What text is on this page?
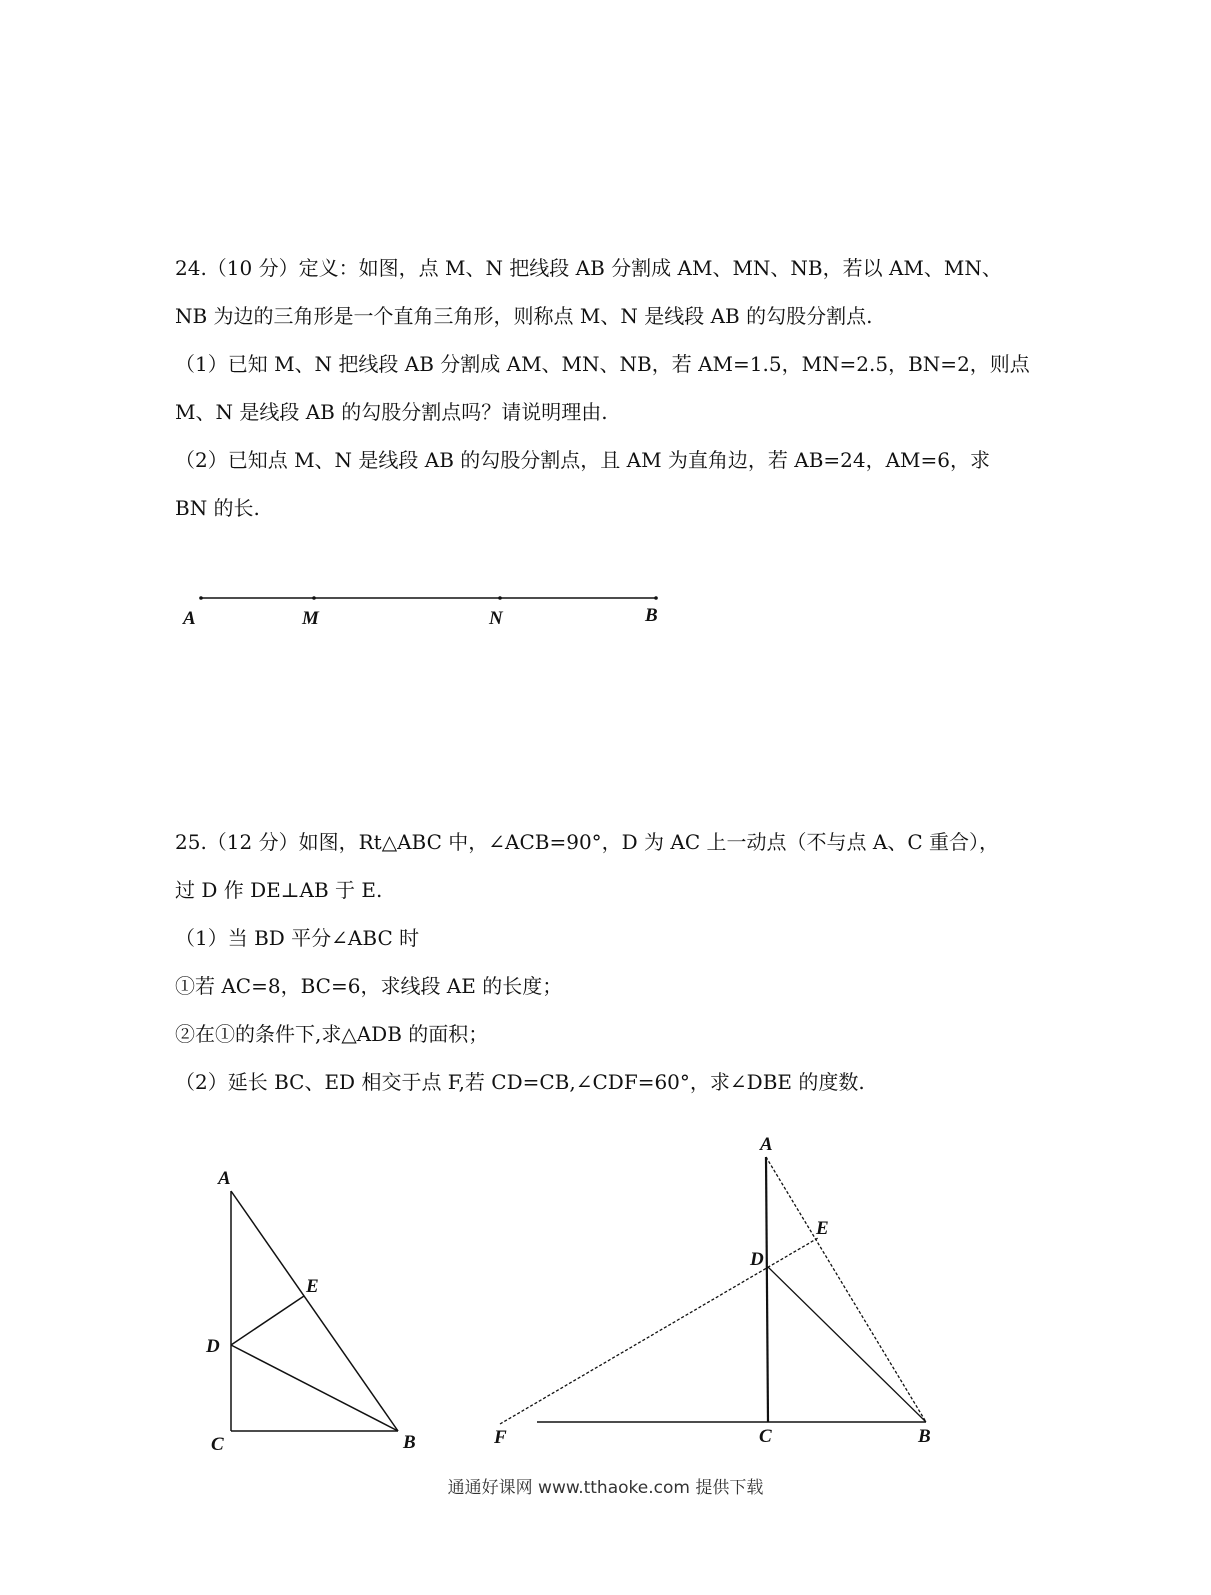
24.（10 分）定义：如图，点 M、N 把线段 AB 分割成 AM、MN、NB，若以 AM、MN、
NB 为边的三角形是一个直角三角形，则称点 M、N 是线段 AB 的勾股分割点.
（1）已知 M、N 把线段 AB 分割成 AM、MN、NB，若 AM=1.5，MN=2.5，BN=2，则点
M、N 是线段 AB 的勾股分割点吗？请说明理由.
（2）已知点 M、N 是线段 AB 的勾股分割点，且 AM 为直角边，若 AB=24，AM=6，求
BN 的长.
A	M	N	B
25.（12 分）如图，Rt△ABC 中，∠ACB=90°，D 为 AC 上一动点（不与点 A、C 重合），
过 D 作 DE⊥AB 于 E.
（1）当 BD 平分∠ABC 时
①若 AC=8，BC=6，求线段 AE 的长度；
②在①的条件下,求△ADB 的面积；
（2）延长 BC、ED 相交于点 F,若 CD=CB,∠CDF=60°，求∠DBE 的度数.
A
E
D
C	B
A
E
D
F	C	B
通通好课网 www.tthaoke.com 提供下载
